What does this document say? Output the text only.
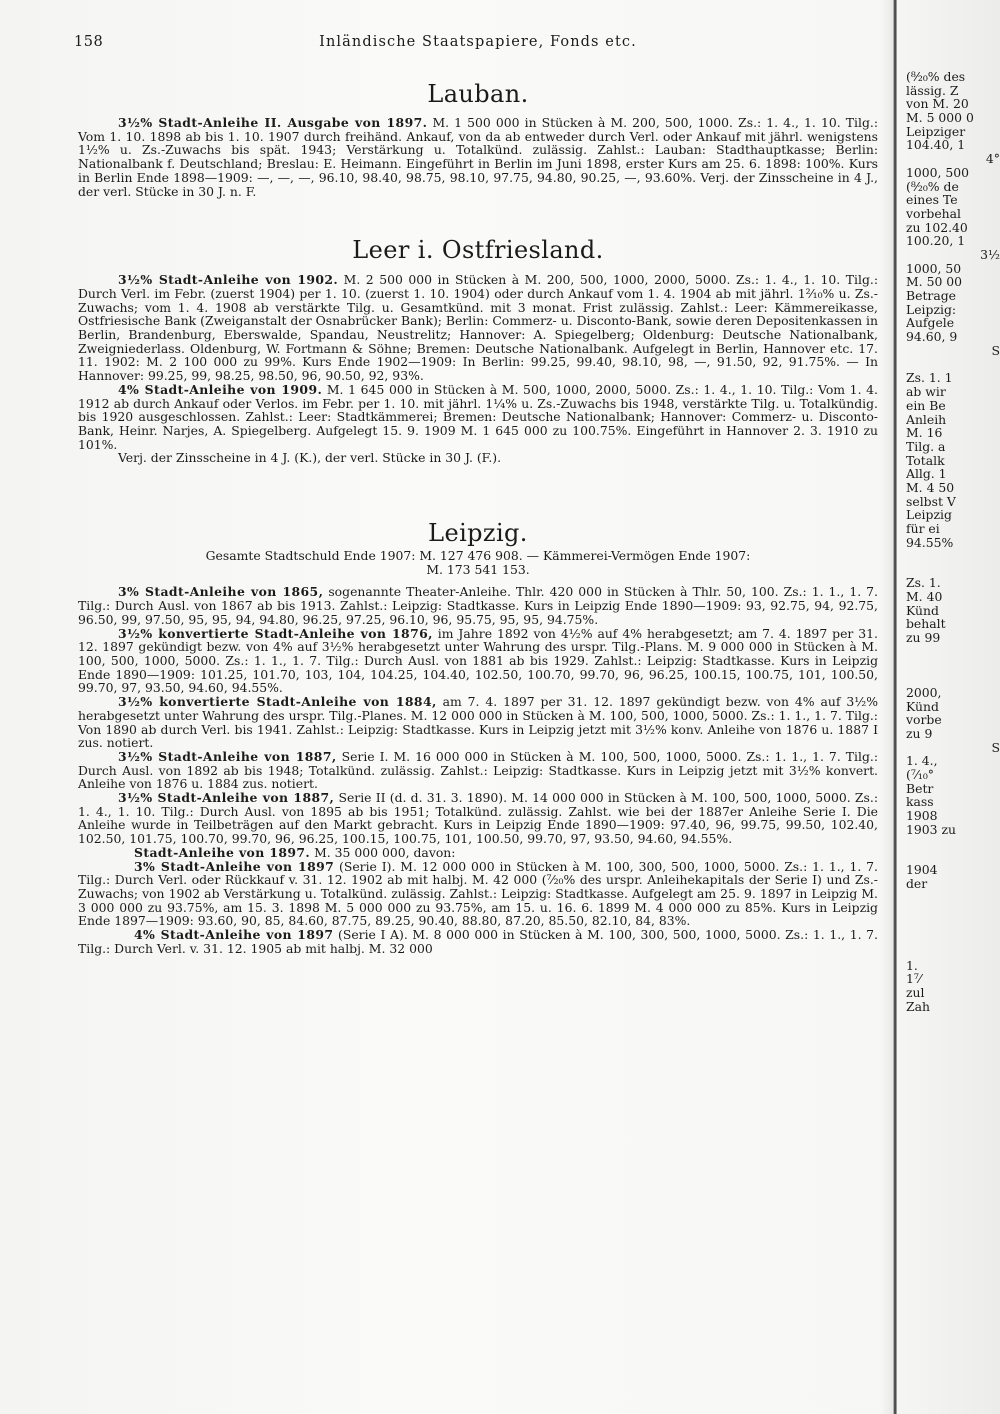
158	Inländische Staatspapiere, Fonds etc.
Lauban.

3½% Stadt-Anleihe II. Ausgabe von 1897. M. 1 500 000 in Stücken à M. 200, 500, 1000. Zs.: 1. 4., 1. 10. Tilg.: Vom 1. 10. 1898 ab bis 1. 10. 1907 durch freihänd. Ankauf, von da ab entweder durch Verl. oder Ankauf mit jährl. wenigstens 1½% u. Zs.-Zuwachs bis spät. 1943; Verstärkung u. Totalkünd. zulässig. Zahlst.: Lauban: Stadthauptkasse; Berlin: Nationalbank f. Deutschland; Breslau: E. Heimann. Eingeführt in Berlin im Juni 1898, erster Kurs am 25. 6. 1898: 100%. Kurs in Berlin Ende 1898—1909: —, —, —, 96.10, 98.40, 98.75, 98.10, 97.75, 94.80, 90.25, —, 93.60%. Verj. der Zinsscheine in 4 J., der verl. Stücke in 30 J. n. F.

Leer i. Ostfriesland.

3½% Stadt-Anleihe von 1902. M. 2 500 000 in Stücken à M. 200, 500, 1000, 2000, 5000. Zs.: 1. 4., 1. 10. Tilg.: Durch Verl. im Febr. (zuerst 1904) per 1. 10. (zuerst 1. 10. 1904) oder durch Ankauf vom 1. 4. 1904 ab mit jährl. 1²⁄₁₀% u. Zs.-Zuwachs; vom 1. 4. 1908 ab verstärkte Tilg. u. Gesamtkünd. mit 3 monat. Frist zulässig. Zahlst.: Leer: Kämmereikasse, Ostfriesische Bank (Zweiganstalt der Osnabrücker Bank); Berlin: Commerz- u. Disconto-Bank, sowie deren Depositenkassen in Berlin, Brandenburg, Eberswalde, Spandau, Neustrelitz; Hannover: A. Spiegelberg; Oldenburg: Deutsche Nationalbank, Zweigniederlass. Oldenburg, W. Fortmann & Söhne; Bremen: Deutsche Nationalbank. Aufgelegt in Berlin, Hannover etc. 17. 11. 1902: M. 2 100 000 zu 99%. Kurs Ende 1902—1909: In Berlin: 99.25, 99.40, 98.10, 98, —, 91.50, 92, 91.75%. — In Hannover: 99.25, 99, 98.25, 98.50, 96, 90.50, 92, 93%.

4% Stadt-Anleihe von 1909. M. 1 645 000 in Stücken à M. 500, 1000, 2000, 5000. Zs.: 1. 4., 1. 10. Tilg.: Vom 1. 4. 1912 ab durch Ankauf oder Verlos. im Febr. per 1. 10. mit jährl. 1¼% u. Zs.-Zuwachs bis 1948, verstärkte Tilg. u. Totalkündig. bis 1920 ausgeschlossen. Zahlst.: Leer: Stadtkämmerei; Bremen: Deutsche Nationalbank; Hannover: Commerz- u. Disconto-Bank, Heinr. Narjes, A. Spiegelberg. Aufgelegt 15. 9. 1909 M. 1 645 000 zu 100.75%. Eingeführt in Hannover 2. 3. 1910 zu 101%.

Verj. der Zinsscheine in 4 J. (K.), der verl. Stücke in 30 J. (F.).

Leipzig.

Gesamte Stadtschuld Ende 1907: M. 127 476 908. — Kämmerei-Vermögen Ende 1907:

M. 173 541 153.

3% Stadt-Anleihe von 1865, sogenannte Theater-Anleihe. Thlr. 420 000 in Stücken à Thlr. 50, 100. Zs.: 1. 1., 1. 7. Tilg.: Durch Ausl. von 1867 ab bis 1913. Zahlst.: Leipzig: Stadtkasse. Kurs in Leipzig Ende 1890—1909: 93, 92.75, 94, 92.75, 96.50, 99, 97.50, 95, 95, 94, 94.80, 96.25, 97.25, 96.10, 96, 95.75, 95, 95, 94.75%.

3½% konvertierte Stadt-Anleihe von 1876, im Jahre 1892 von 4½% auf 4% herabgesetzt; am 7. 4. 1897 per 31. 12. 1897 gekündigt bezw. von 4% auf 3½% herabgesetzt unter Wahrung des urspr. Tilg.-Plans. M. 9 000 000 in Stücken à M. 100, 500, 1000, 5000. Zs.: 1. 1., 1. 7. Tilg.: Durch Ausl. von 1881 ab bis 1929. Zahlst.: Leipzig: Stadtkasse. Kurs in Leipzig Ende 1890—1909: 101.25, 101.70, 103, 104, 104.25, 104.40, 102.50, 100.70, 99.70, 96, 96.25, 100.15, 100.75, 101, 100.50, 99.70, 97, 93.50, 94.60, 94.55%.

3½% konvertierte Stadt-Anleihe von 1884, am 7. 4. 1897 per 31. 12. 1897 gekündigt bezw. von 4% auf 3½% herabgesetzt unter Wahrung des urspr. Tilg.-Planes. M. 12 000 000 in Stücken à M. 100, 500, 1000, 5000. Zs.: 1. 1., 1. 7. Tilg.: Von 1890 ab durch Verl. bis 1941. Zahlst.: Leipzig: Stadtkasse. Kurs in Leipzig jetzt mit 3½% konv. Anleihe von 1876 u. 1887 I zus. notiert.

3½% Stadt-Anleihe von 1887, Serie I. M. 16 000 000 in Stücken à M. 100, 500, 1000, 5000. Zs.: 1. 1., 1. 7. Tilg.: Durch Ausl. von 1892 ab bis 1948; Totalkünd. zulässig. Zahlst.: Leipzig: Stadtkasse. Kurs in Leipzig jetzt mit 3½% konvert. Anleihe von 1876 u. 1884 zus. notiert.

3½% Stadt-Anleihe von 1887, Serie II (d. d. 31. 3. 1890). M. 14 000 000 in Stücken à M. 100, 500, 1000, 5000. Zs.: 1. 4., 1. 10. Tilg.: Durch Ausl. von 1895 ab bis 1951; Totalkünd. zulässig. Zahlst. wie bei der 1887er Anleihe Serie I. Die Anleihe wurde in Teilbeträgen auf den Markt gebracht. Kurs in Leipzig Ende 1890—1909: 97.40, 96, 99.75, 99.50, 102.40, 102.50, 101.75, 100.70, 99.70, 96, 96.25, 100.15, 100.75, 101, 100.50, 99.70, 97, 93.50, 94.60, 94.55%.

Stadt-Anleihe von 1897. M. 35 000 000, davon:

3% Stadt-Anleihe von 1897 (Serie I). M. 12 000 000 in Stücken à M. 100, 300, 500, 1000, 5000. Zs.: 1. 1., 1. 7. Tilg.: Durch Verl. oder Rückkauf v. 31. 12. 1902 ab mit halbj. M. 42 000 (⁷⁄₂₀% des urspr. Anleihekapitals der Serie I) und Zs.-Zuwachs; von 1902 ab Verstärkung u. Totalkünd. zulässig. Zahlst.: Leipzig: Stadtkasse. Aufgelegt am 25. 9. 1897 in Leipzig M. 3 000 000 zu 93.75%, am 15. 3. 1898 M. 5 000 000 zu 93.75%, am 15. u. 16. 6. 1899 M. 4 000 000 zu 85%. Kurs in Leipzig Ende 1897—1909: 93.60, 90, 85, 84.60, 87.75, 89.25, 90.40, 88.80, 87.20, 85.50, 82.10, 84, 83%.

4% Stadt-Anleihe von 1897 (Serie I A). M. 8 000 000 in Stücken à M. 100, 300, 500, 1000, 5000. Zs.: 1. 1., 1. 7. Tilg.: Durch Verl. v. 31. 12. 1905 ab mit halbj. M. 32 000

(⁸⁄₂₀% des
lässig. Z
von M. 20
M. 5 000 0
Leipziger
104.40, 1
4°
1000, 500
(⁸⁄₂₀% de
eines Te
vorbehal
zu 102.40
100.20, 1
3½
1000, 50
M. 50 00
Betrage
Leipzig:
Aufgele
94.60, 9
S
Zs. 1. 1
ab wir
ein Be
Anleih
M. 16
Tilg. a
Totalk
Allg. 1
M. 4 50
selbst V
Leipzig
für ei
94.55%
Zs. 1.
M. 40
Künd
behalt
zu 99
2000,
Künd
vorbe
zu 9
S
1. 4.,
(⁷⁄₁₀°
Betr
kass
1908
1903 zu
1904
der
1.
1⁷⁄
zul
Zah
